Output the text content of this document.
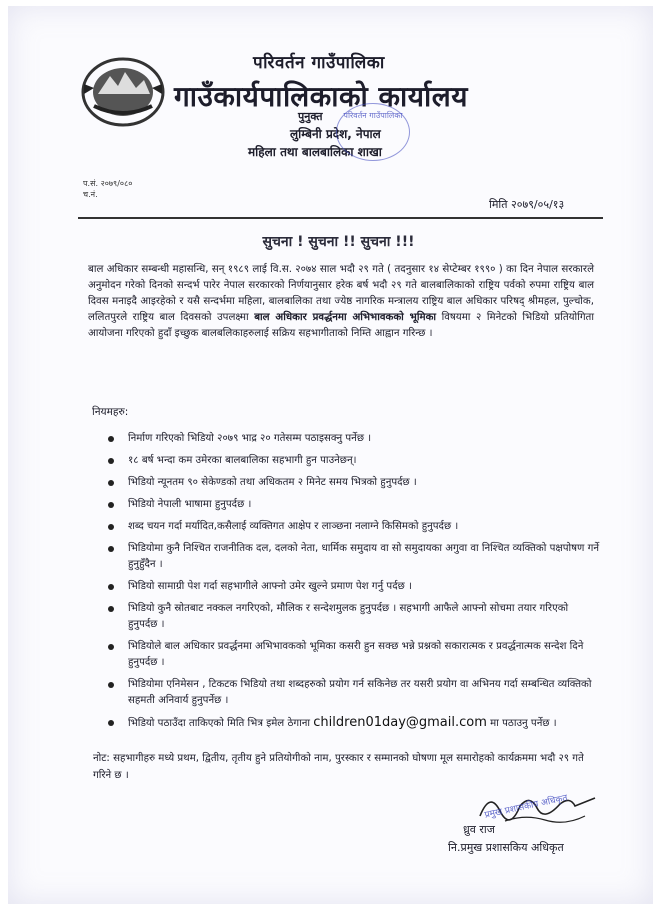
परिवर्तन गाउँपालिका
गाउँकार्यपालिकाको कार्यालय
पुनुक्त
लुम्बिनी प्रदेश, नेपाल
महिला तथा बालबालिका शाखा
परिवर्तन गाउँपालिका
प.सं. २०७९/०८०
च.नं.
मिति २०७९/०५/१३
सुचना ! सुचना !! सुचना !!!
बाल अधिकार सम्बन्धी महासन्धि, सन् १९८९ लाई वि.स. २०७४ साल भदौ २९ गते ( तदनुसार १४ सेप्टेम्बर १९९० ) का दिन नेपाल सरकारले अनुमोदन गरेको दिनको सन्दर्भ पारेर नेपाल सरकारको निर्णयानुसार हरेक बर्ष भदौ २९ गते बालबालिकाको राष्ट्रिय पर्वको रुपमा राष्ट्रिय बाल दिवस मनाइदै आइरहेको र यसै सन्दर्भमा महिला, बालबालिका तथा ज्येष्ठ नागरिक मन्त्रालय राष्ट्रिय बाल अधिकार परिषद् श्रीमहल, पुल्चोक, ललितपुरले राष्ट्रिय बाल दिवसको उपलक्ष्मा बाल अधिकार प्रवर्द्धनमा अभिभावकको भूमिका विषयमा २ मिनेटको भिडियो प्रतियोगिता आयोजना गरिएको हुदाँ इच्छुक बालबलिकाहरुलाई सक्रिय सहभागीताको निम्ति आह्वान गरिन्छ ।
नियमहरु:
निर्माण गरिएको भिडियो २०७९ भाद्र २० गतेसम्म पठाइसक्नु पर्नेछ ।
१८ बर्ष भन्दा कम उमेरका बालबालिका सहभागी हुन पाउनेछन्।
भिडियो न्यूनतम ९० सेकेण्डको तथा अधिकतम २ मिनेट समय भित्रको हुनुपर्दछ ।
भिडियो नेपाली भाषामा हुनुपर्दछ ।
शब्द चयन गर्दा मर्यादित,कसैलाई व्यक्तिगत आक्षेप र लाञ्छना नलाग्ने किसिमको हुनुपर्दछ ।
भिडियोमा कुनै निश्चित राजनीतिक दल, दलको नेता, धार्मिक समुदाय वा सो समुदायका अगुवा वा निश्चित व्यक्तिको पक्षपोषण गर्ने हुनुहुँदैन ।
भिडियो सामाग्री पेश गर्दा सहभागीले आफ्नो उमेर खुल्ने प्रमाण पेश गर्नु पर्दछ ।
भिडियो कुनै स्रोतबाट नक्कल नगरिएको, मौलिक र सन्देशमुलक हुनुपर्दछ । सहभागी आफैले आफ्नो सोचमा तयार गरिएको हुनुपर्दछ ।
भिडियोले बाल अधिकार प्रवर्द्धनमा अभिभावकको भूमिका कसरी हुन सक्छ भन्ने प्रश्नको सकारात्मक र प्रवर्द्धनात्मक सन्देश दिने हुनुपर्दछ ।
भिडियोमा एनिमेसन , टिकटक भिडियो तथा शब्दहरुको प्रयोग गर्न सकिनेछ तर यसरी प्रयोग वा अभिनय गर्दा सम्बन्धित व्यक्तिको सहमती अनिवार्य हुनुपर्नेछ ।
भिडियो पठाउँदा ताकिएको मिति भित्र इमेल ठेगाना children01day@gmail.com मा पठाउनु पर्नेछ ।
नोट: सहभागीहरु मध्ये प्रथम, द्वितीय, तृतीय हुने प्रतियोगीको नाम, पुरस्कार र सम्मानको घोषणा मूल समारोहको कार्यक्रममा भदौ २९ गते गरिने छ ।
प्रमुख प्रशासकीय अधिकृत
ध्रुव राज
नि.प्रमुख प्रशासकिय अधिकृत
